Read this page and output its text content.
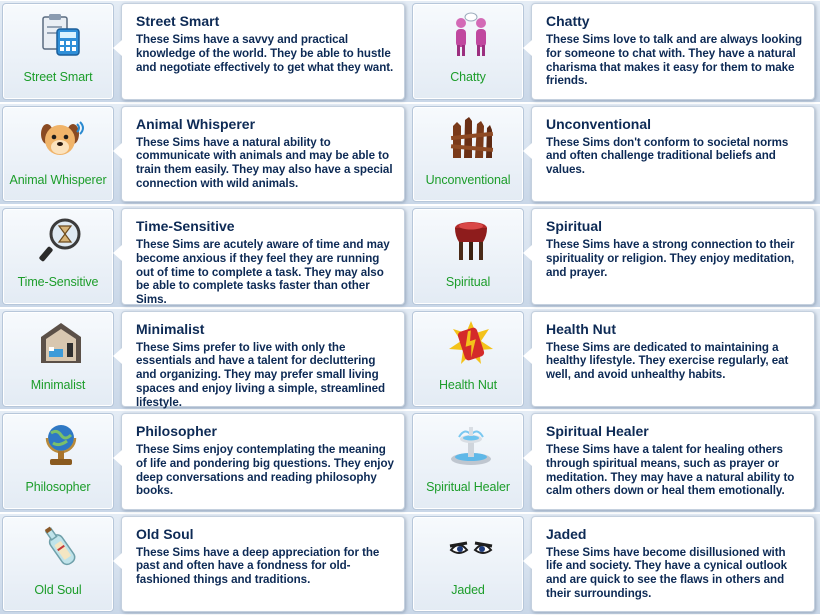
Street Smart
Street Smart
These Sims have a savvy and practical knowledge of the world. They be able to hustle and negotiate effectively to get what they want.
Chatty
Chatty
These Sims love to talk and are always looking for someone to chat with. They have a natural charisma that makes it easy for them to make friends.
Animal Whisperer
Animal Whisperer
These Sims have a natural ability to communicate with animals and may be able to train them easily. They may also have a special connection with wild animals.	Unconventional
Unconventional
These Sims don't conform to societal norms and often challenge traditional beliefs and values.
Time-Sensitive
Time-Sensitive
These Sims are acutely aware of time and may become anxious if they feel they are running out of time to complete a task. They may also be able to complete tasks faster than other Sims.
Spiritual
Spiritual
These Sims have a strong connection to their spirituality or religion. They enjoy meditation, and prayer.
Minimalist
Minimalist
These Sims prefer to live with only the essentials and have a talent for decluttering and organizing. They may prefer small living spaces and enjoy living a simple, streamlined lifestyle.
Health Nut
Health Nut
These Sims are dedicated to maintaining a healthy lifestyle. They exercise regularly, eat well, and avoid unhealthy habits.
Philosopher
Philosopher
These Sims enjoy contemplating the meaning of life and pondering big questions. They enjoy deep conversations and reading philosophy books.	Spiritual Healer
Spiritual Healer
These Sims have a talent for healing others through spiritual means, such as prayer or meditation. They may have a natural ability to calm others down or heal them emotionally.
Old Soul
Old Soul
These Sims have a deep appreciation for the past and often have a fondness for old-fashioned things and traditions.
Jaded
Jaded
These Sims have become disillusioned with life and society. They have a cynical outlook and are quick to see the flaws in others and their surroundings.
